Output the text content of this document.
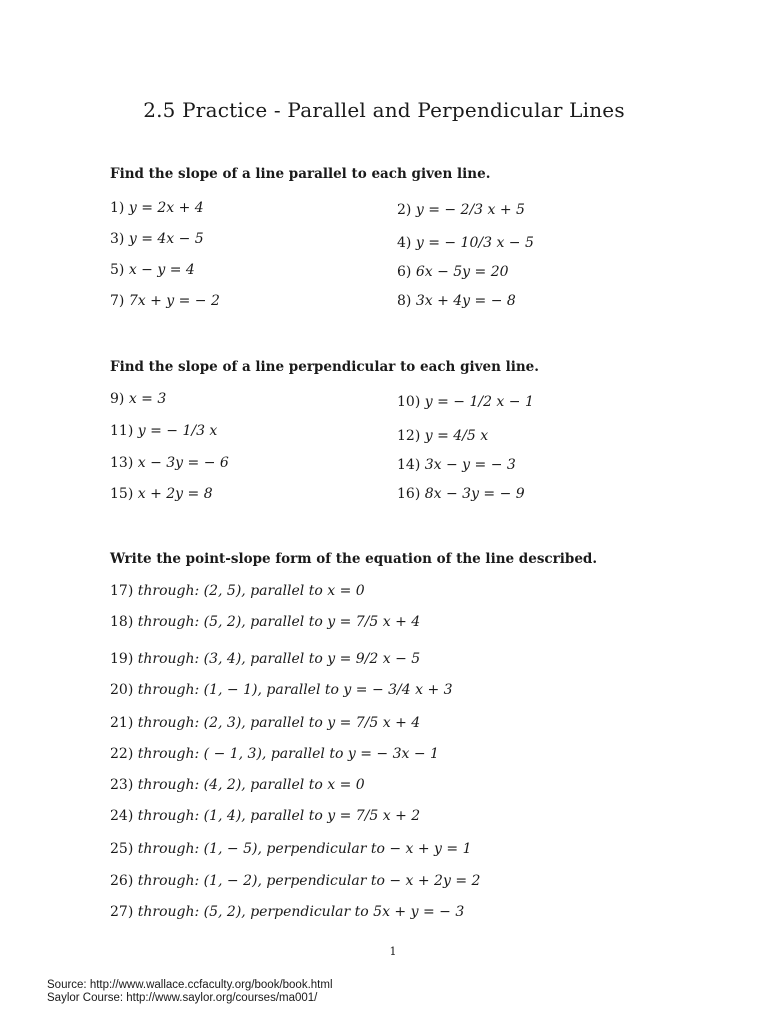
2.5 Practice - Parallel and Perpendicular Lines
Find the slope of a line parallel to each given line.
1) y = 2x + 4	2) y = − 2/3 x + 5
3) y = 4x − 5	4) y = − 10/3 x − 5
5) x − y = 4	6) 6x − 5y = 20
7) 7x + y = − 2	8) 3x + 4y = − 8
Find the slope of a line perpendicular to each given line.
9) x = 3	10) y = − 1/2 x − 1
11) y = − 1/3 x	12) y = 4/5 x
13) x − 3y = − 6	14) 3x − y = − 3
15) x + 2y = 8	16) 8x − 3y = − 9
Write the point-slope form of the equation of the line described.
17) through: (2, 5), parallel to x = 0
18) through: (5, 2), parallel to y = 7/5 x + 4
19) through: (3, 4), parallel to y = 9/2 x − 5
20) through: (1, − 1), parallel to y = − 3/4 x + 3
21) through: (2, 3), parallel to y = 7/5 x + 4
22) through: ( − 1, 3), parallel to y = − 3x − 1
23) through: (4, 2), parallel to x = 0
24) through: (1, 4), parallel to y = 7/5 x + 2
25) through: (1, − 5), perpendicular to − x + y = 1
26) through: (1, − 2), perpendicular to − x + 2y = 2
27) through: (5, 2), perpendicular to 5x + y = − 3
1
Source: http://www.wallace.ccfaculty.org/book/book.html
Saylor Course: http://www.saylor.org/courses/ma001/
